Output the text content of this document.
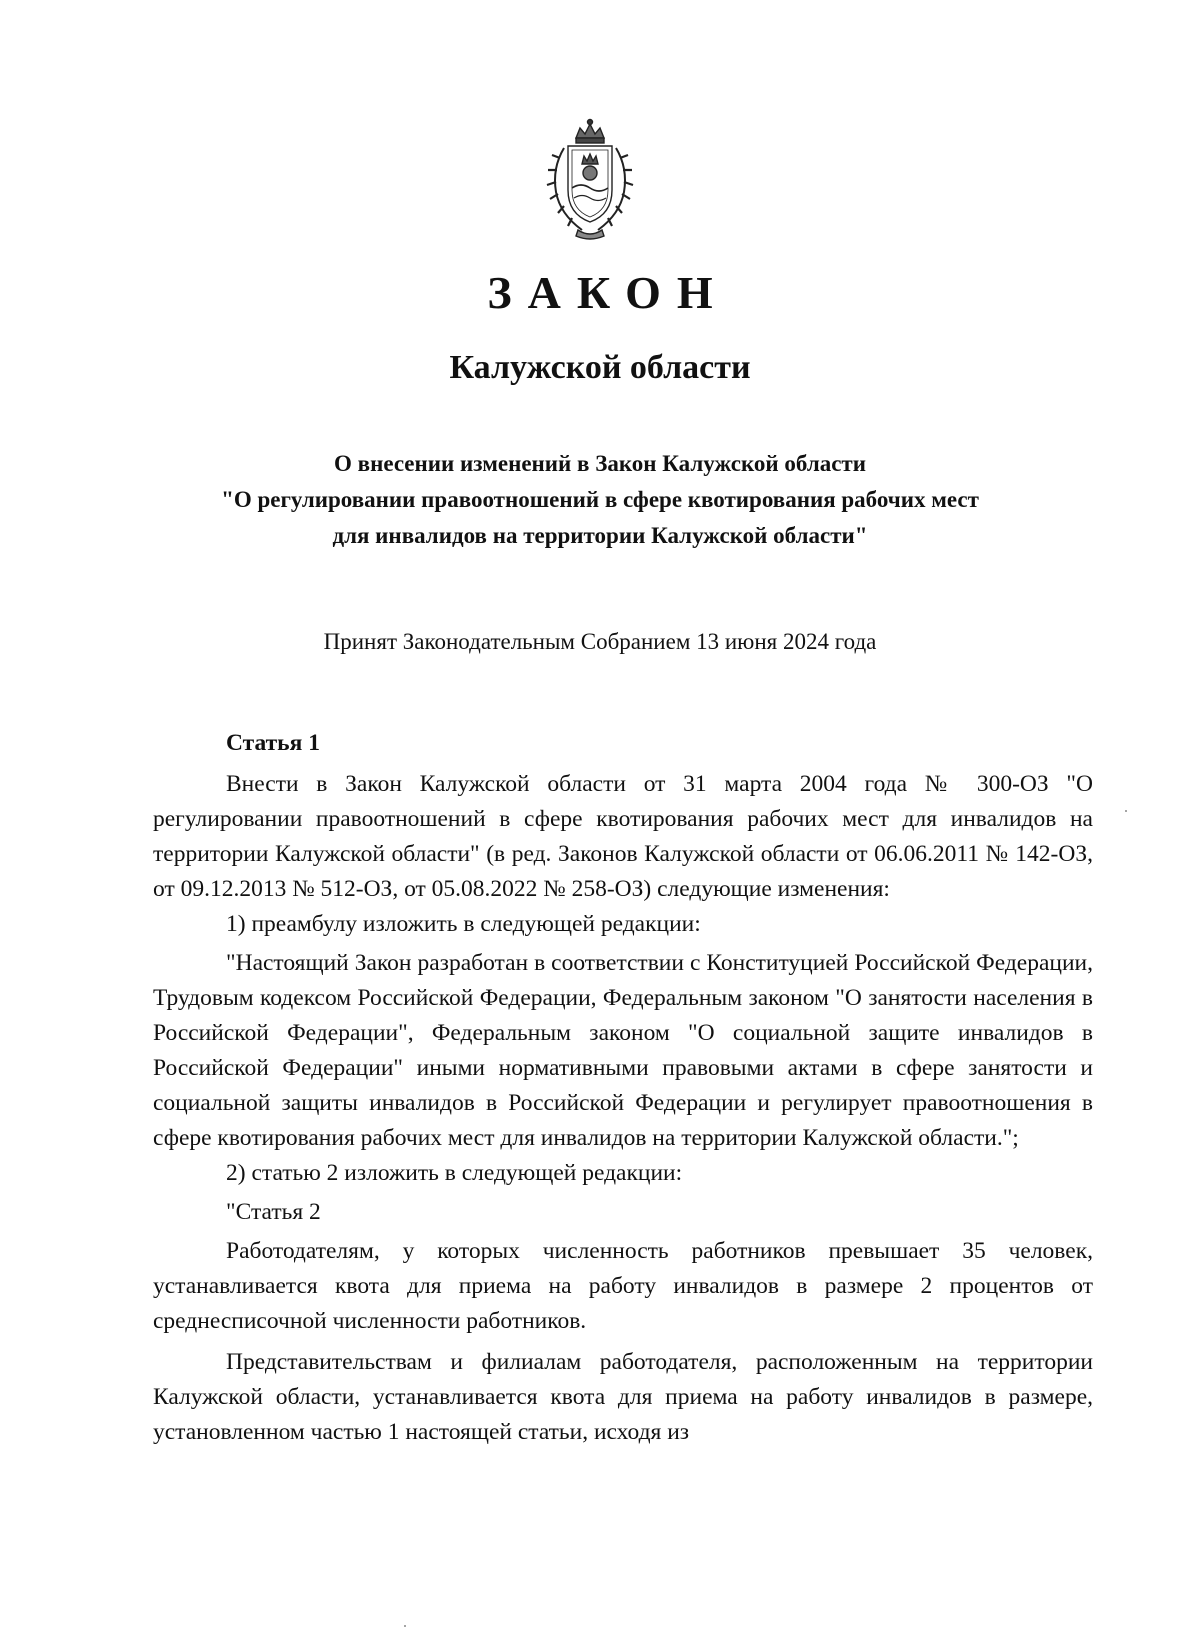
ЗАКОН
Калужской области
О внесении изменений в Закон Калужской области
"О регулировании правоотношений в сфере квотирования рабочих мест
для инвалидов на территории Калужской области"
Принят Законодательным Собранием 13 июня 2024 года
Статья 1

Внести в Закон Калужской области от 31 марта 2004 года № 300-ОЗ "О регулировании правоотношений в сфере квотирования рабочих мест для инвалидов на территории Калужской области" (в ред. Законов Калужской области от 06.06.2011 № 142-ОЗ, от 09.12.2013 № 512-ОЗ, от 05.08.2022 № 258-ОЗ) следующие изменения:

1) преамбулу изложить в следующей редакции:

"Настоящий Закон разработан в соответствии с Конституцией Российской Федерации, Трудовым кодексом Российской Федерации, Федеральным законом "О занятости населения в Российской Федерации", Федеральным законом "О социальной защите инвалидов в Российской Федерации" иными нормативными правовыми актами в сфере занятости и социальной защиты инвалидов в Российской Федерации и регулирует правоотношения в сфере квотирования рабочих мест для инвалидов на территории Калужской области.";

2) статью 2 изложить в следующей редакции:

"Статья 2

Работодателям, у которых численность работников превышает 35 человек, устанавливается квота для приема на работу инвалидов в размере 2 процентов от среднесписочной численности работников.

Представительствам и филиалам работодателя, расположенным на территории Калужской области, устанавливается квота для приема на работу инвалидов в размере, установленном частью 1 настоящей статьи, исходя из
